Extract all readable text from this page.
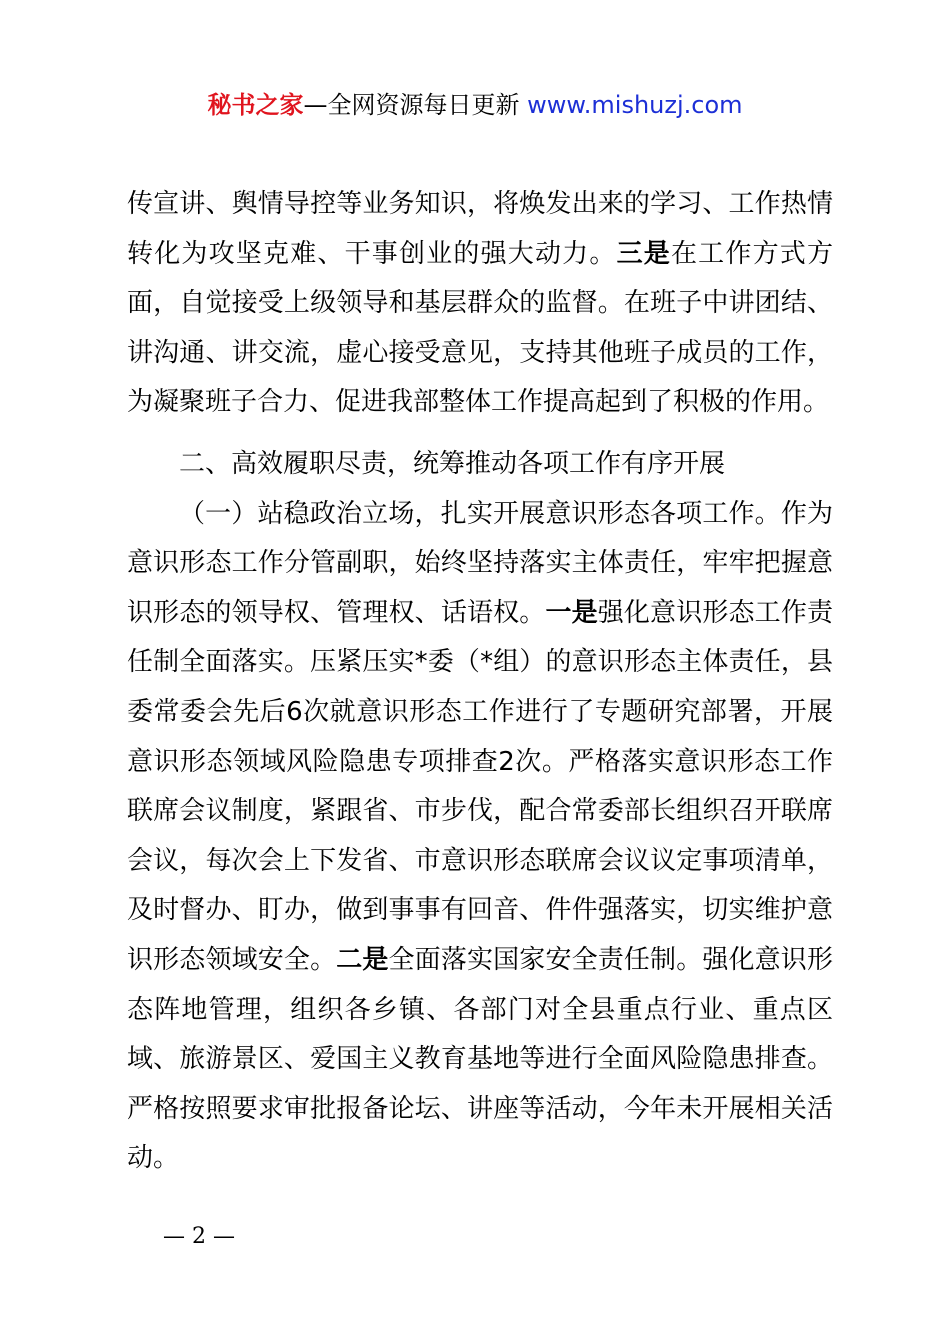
秘书之家—全网资源每日更新 www.mishuzj.com

传宣讲、舆情导控等业务知识，将焕发出来的学习、工作热情转化为攻坚克难、干事创业的强大动力。三是在工作方式方面，自觉接受上级领导和基层群众的监督。在班子中讲团结、讲沟通、讲交流，虚心接受意见，支持其他班子成员的工作，为凝聚班子合力、促进我部整体工作提高起到了积极的作用。

二、高效履职尽责，统筹推动各项工作有序开展

（一）站稳政治立场，扎实开展意识形态各项工作。作为意识形态工作分管副职，始终坚持落实主体责任，牢牢把握意识形态的领导权、管理权、话语权。一是强化意识形态工作责任制全面落实。压紧压实*委（*组）的意识形态主体责任，县委常委会先后6次就意识形态工作进行了专题研究部署，开展意识形态领域风险隐患专项排查2次。严格落实意识形态工作联席会议制度，紧跟省、市步伐，配合常委部长组织召开联席会议，每次会上下发省、市意识形态联席会议议定事项清单，及时督办、盯办，做到事事有回音、件件强落实，切实维护意识形态领域安全。二是全面落实国家安全责任制。强化意识形态阵地管理，组织各乡镇、各部门对全县重点行业、重点区域、旅游景区、爱国主义教育基地等进行全面风险隐患排查。严格按照要求审批报备论坛、讲座等活动，今年未开展相关活动。

— 2 —
